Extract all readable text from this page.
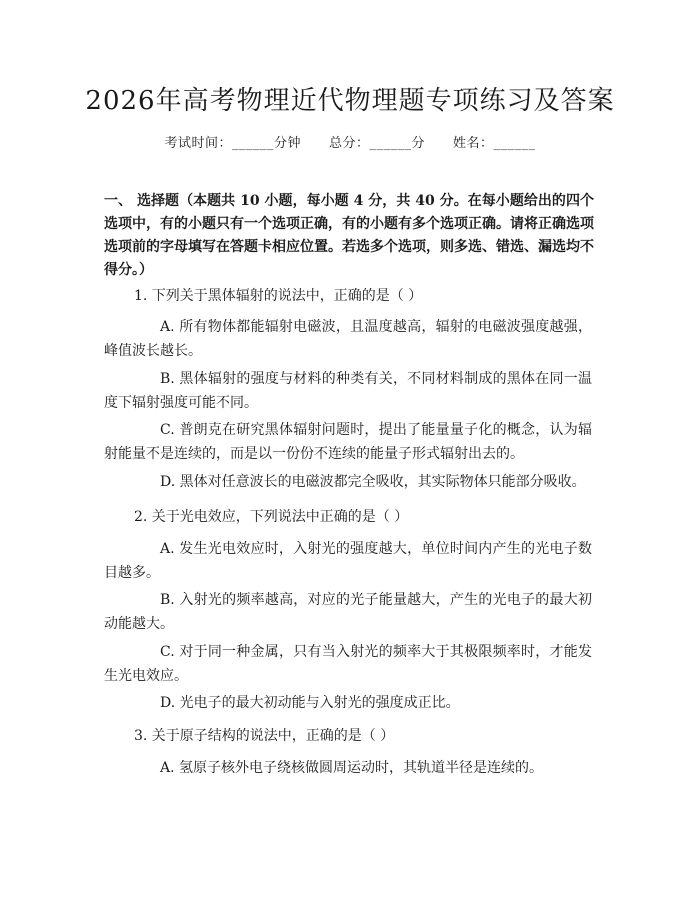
2026年高考物理近代物理题专项练习及答案
考试时间：______分钟 总分：______分 姓名：______
一、 选择题（本题共 10 小题，每小题 4 分，共 40 分。在每小题给出的四个选项中，有的小题只有一个选项正确，有的小题有多个选项正确。请将正确选项选项前的字母填写在答题卡相应位置。若选多个选项，则多选、错选、漏选均不得分。）
1. 下列关于黑体辐射的说法中，正确的是（ ）
A. 所有物体都能辐射电磁波，且温度越高，辐射的电磁波强度越强，峰值波长越长。
B. 黑体辐射的强度与材料的种类有关，不同材料制成的黑体在同一温度下辐射强度可能不同。
C. 普朗克在研究黑体辐射问题时，提出了能量量子化的概念，认为辐射能量不是连续的，而是以一份份不连续的能量子形式辐射出去的。
D. 黑体对任意波长的电磁波都完全吸收，其实际物体只能部分吸收。
2. 关于光电效应，下列说法中正确的是（ ）
A. 发生光电效应时，入射光的强度越大，单位时间内产生的光电子数目越多。
B. 入射光的频率越高，对应的光子能量越大，产生的光电子的最大初动能越大。
C. 对于同一种金属，只有当入射光的频率大于其极限频率时，才能发生光电效应。
D. 光电子的最大初动能与入射光的强度成正比。
3. 关于原子结构的说法中，正确的是（ ）
A. 氢原子核外电子绕核做圆周运动时，其轨道半径是连续的。
